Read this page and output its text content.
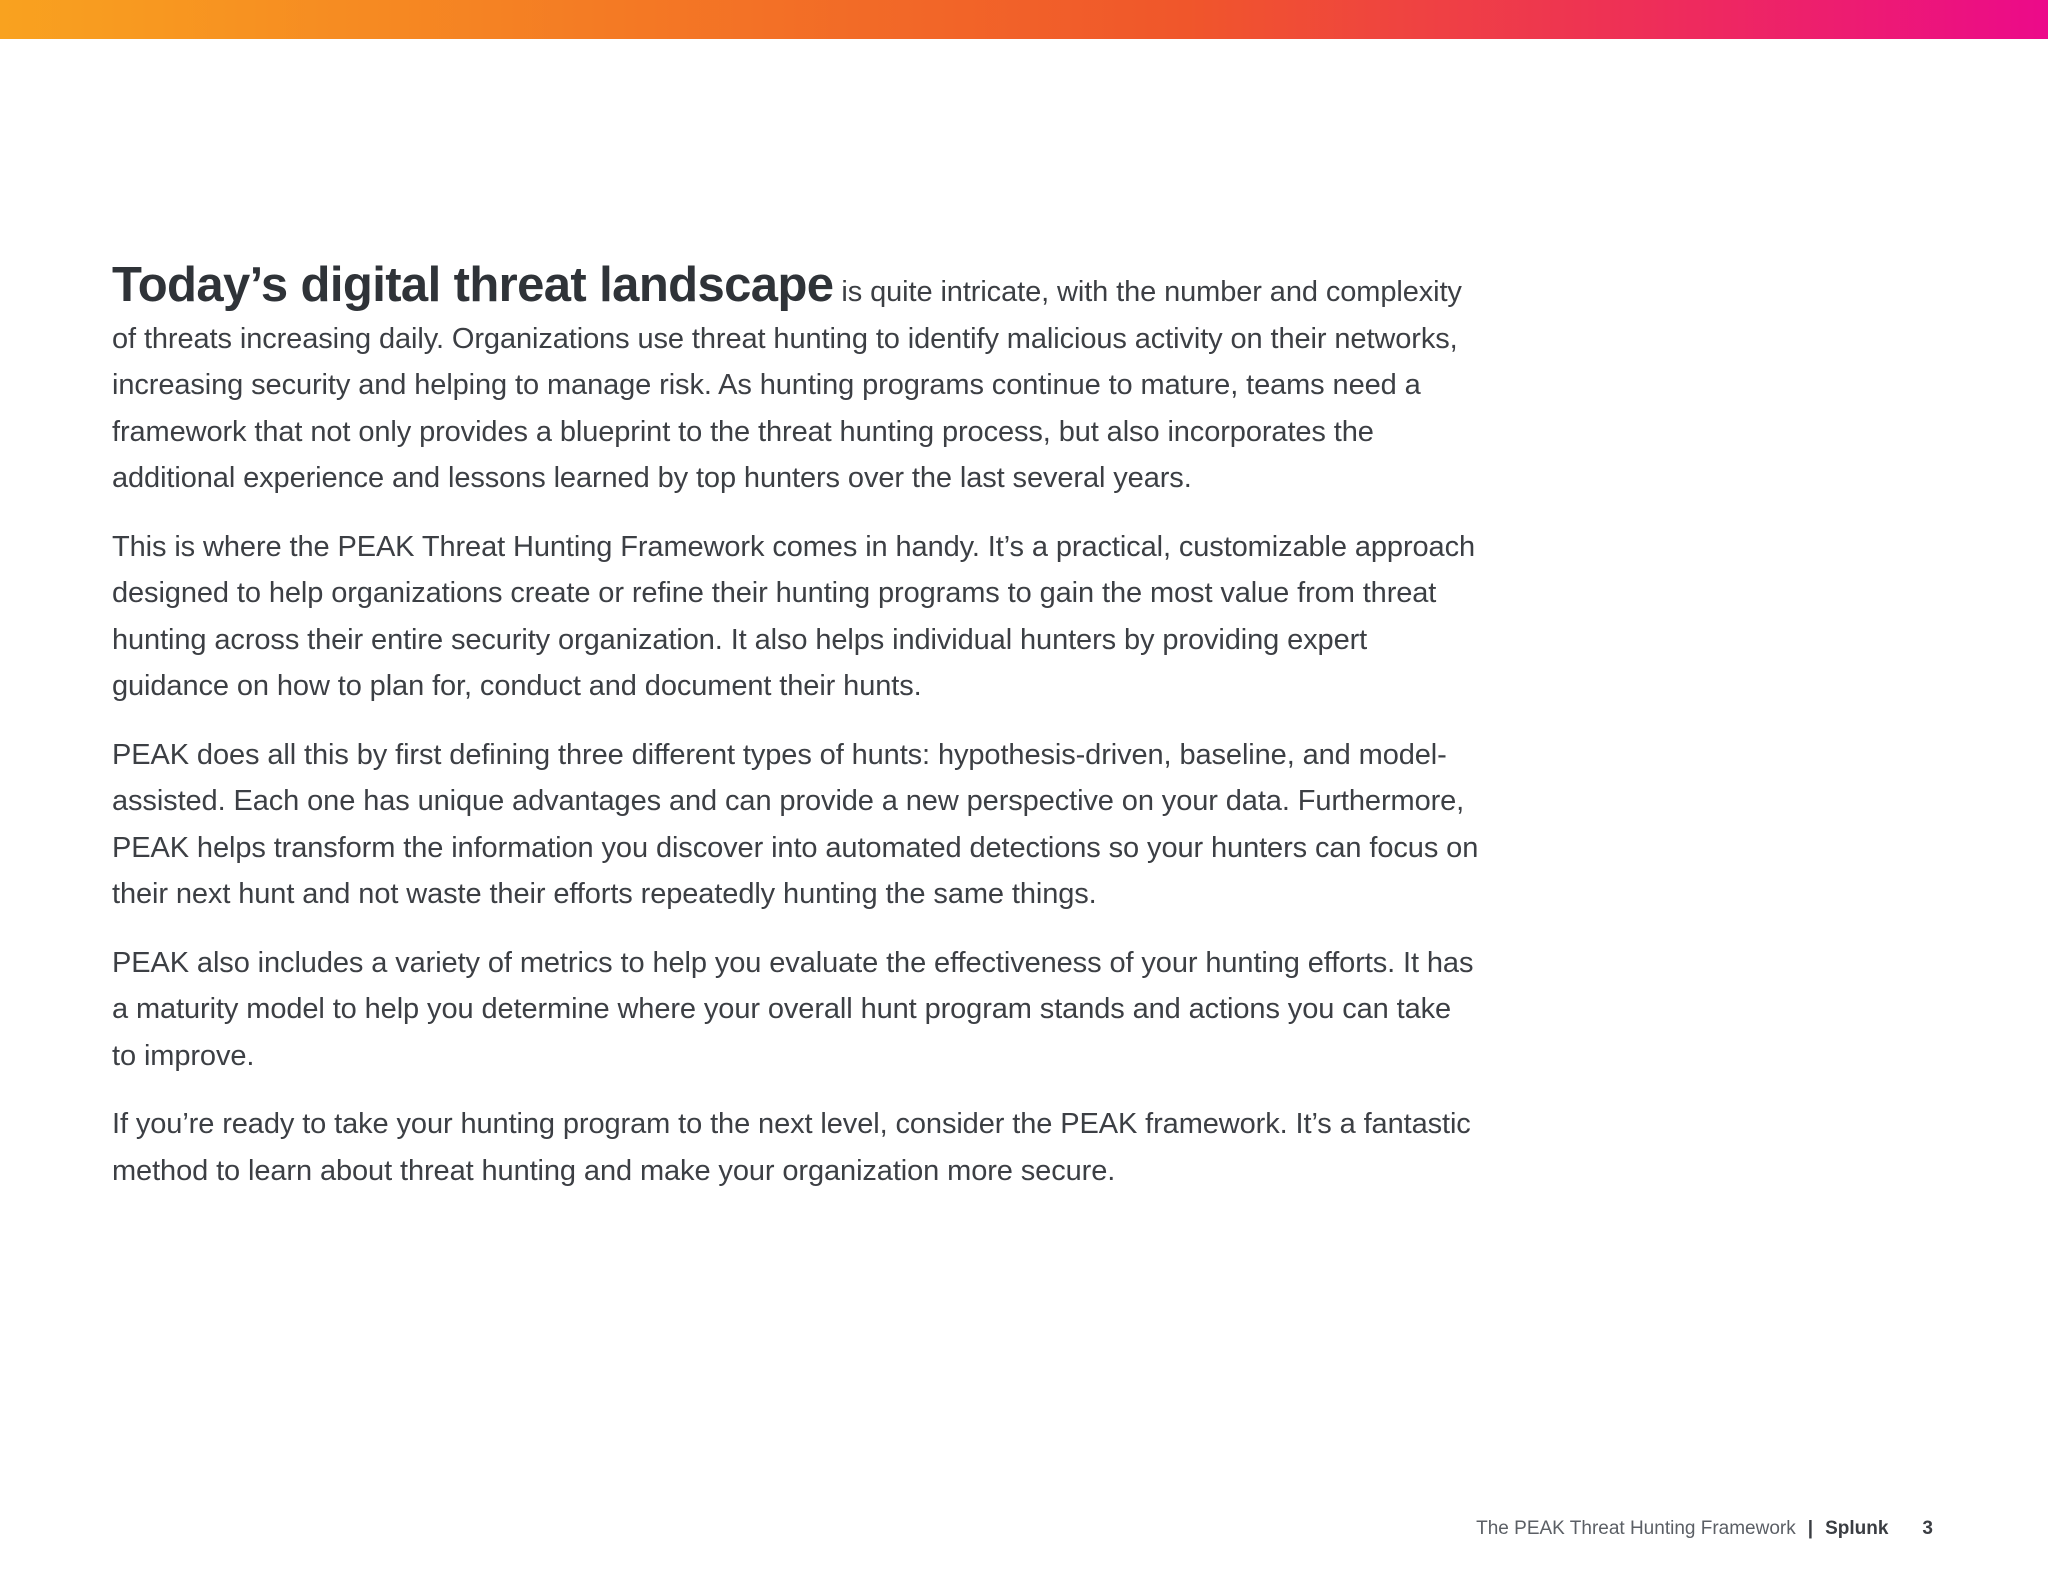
Today’s digital threat landscape is quite intricate, with the number and complexity of threats increasing daily. Organizations use threat hunting to identify malicious activity on their networks, increasing security and helping to manage risk. As hunting programs continue to mature, teams need a framework that not only provides a blueprint to the threat hunting process, but also incorporates the additional experience and lessons learned by top hunters over the last several years.

This is where the PEAK Threat Hunting Framework comes in handy. It’s a practical, customizable approach designed to help organizations create or refine their hunting programs to gain the most value from threat hunting across their entire security organization. It also helps individual hunters by providing expert guidance on how to plan for, conduct and document their hunts.

PEAK does all this by first defining three different types of hunts: hypothesis-driven, baseline, and model-assisted. Each one has unique advantages and can provide a new perspective on your data. Furthermore, PEAK helps transform the information you discover into automated detections so your hunters can focus on their next hunt and not waste their efforts repeatedly hunting the same things.

PEAK also includes a variety of metrics to help you evaluate the effectiveness of your hunting efforts. It has a maturity model to help you determine where your overall hunt program stands and actions you can take to improve.

If you’re ready to take your hunting program to the next level, consider the PEAK framework. It’s a fantastic method to learn about threat hunting and make your organization more secure.

The PEAK Threat Hunting Framework | Splunk 3
